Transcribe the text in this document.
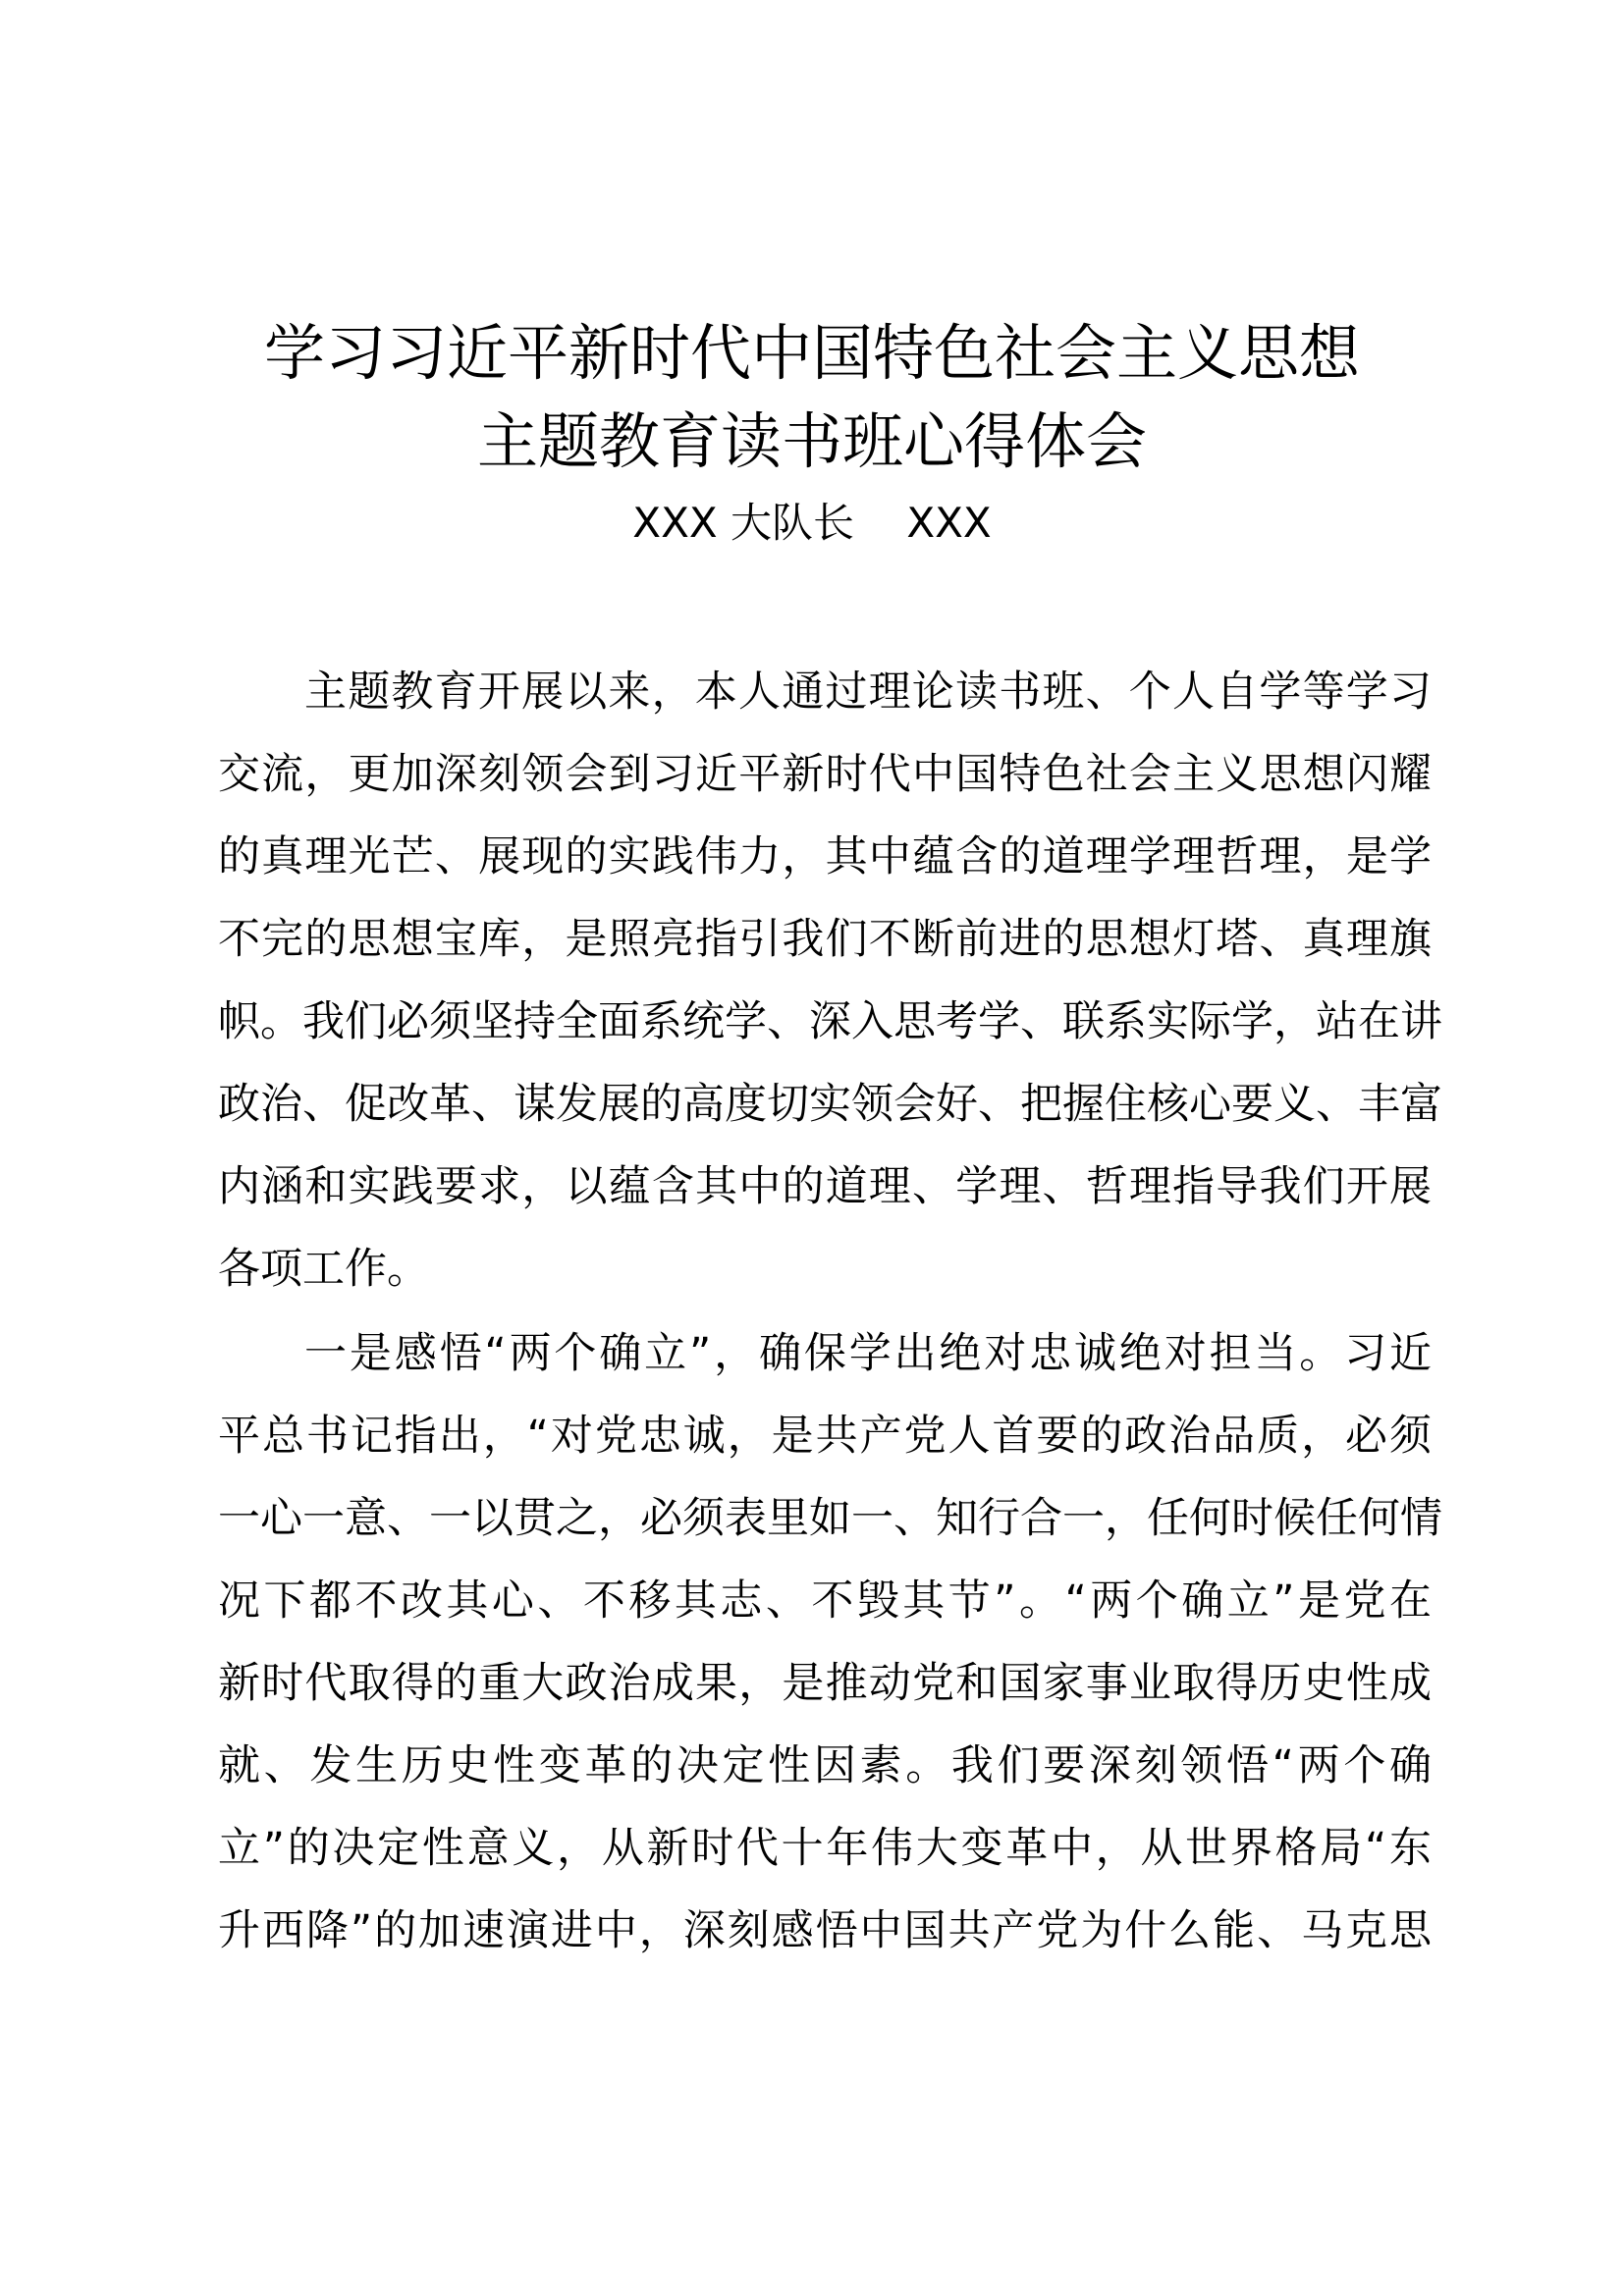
学习习近平新时代中国特色社会主义思想
主题教育读书班心得体会
XXX 大队长    XXX
主题教育开展以来，本人通过理论读书班、个人自学等学习
交流，更加深刻领会到习近平新时代中国特色社会主义思想闪耀
的真理光芒、展现的实践伟力，其中蕴含的道理学理哲理，是学
不完的思想宝库，是照亮指引我们不断前进的思想灯塔、真理旗
帜。我们必须坚持全面系统学、深入思考学、联系实际学，站在讲
政治、促改革、谋发展的高度切实领会好、把握住核心要义、丰富
内涵和实践要求，以蕴含其中的道理、学理、哲理指导我们开展
各项工作。
一是感悟“两个确立”，确保学出绝对忠诚绝对担当。习近
平总书记指出，“对党忠诚，是共产党人首要的政治品质，必须
一心一意、一以贯之，必须表里如一、知行合一，任何时候任何情
况下都不改其心、不移其志、不毁其节”。“两个确立”是党在
新时代取得的重大政治成果，是推动党和国家事业取得历史性成
就、发生历史性变革的决定性因素。我们要深刻领悟“两个确
立”的决定性意义，从新时代十年伟大变革中，从世界格局“东
升西降”的加速演进中，深刻感悟中国共产党为什么能、马克思
